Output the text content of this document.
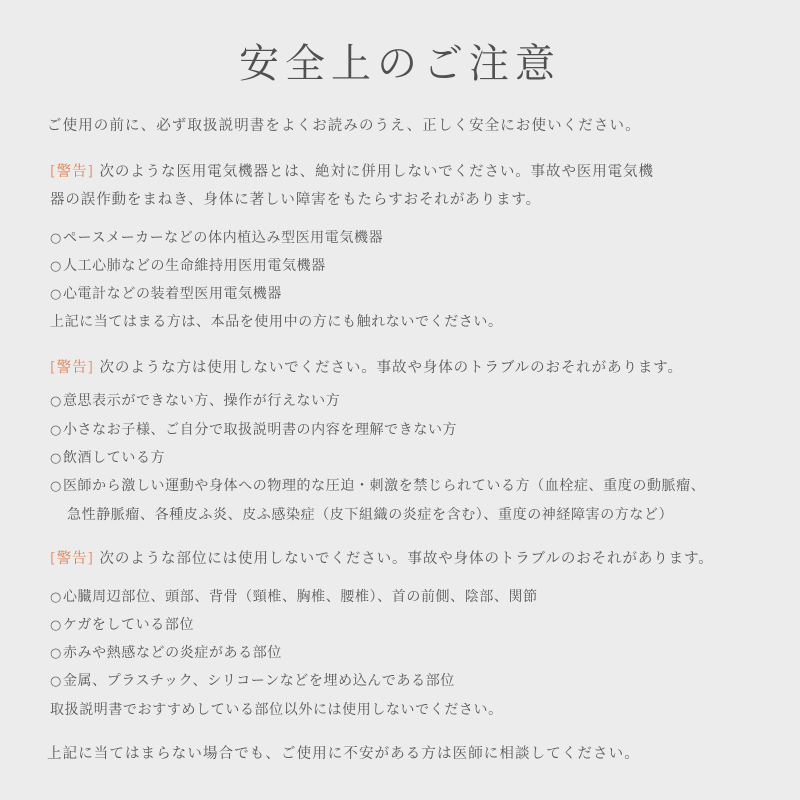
安全上のご注意
ご使用の前に、必ず取扱説明書をよくお読みのうえ、正しく安全にお使いください。
[警告] 次のような医用電気機器とは、絶対に併用しないでください。事故や医用電気機
器の誤作動をまねき、身体に著しい障害をもたらすおそれがあります。
○ペースメーカーなどの体内植込み型医用電気機器
○人工心肺などの生命維持用医用電気機器
○心電計などの装着型医用電気機器
上記に当てはまる方は、本品を使用中の方にも触れないでください。
[警告] 次のような方は使用しないでください。事故や身体のトラブルのおそれがあります。
○意思表示ができない方、操作が行えない方
○小さなお子様、ご自分で取扱説明書の内容を理解できない方
○飲酒している方
○医師から激しい運動や身体への物理的な圧迫・刺激を禁じられている方（血栓症、重度の動脈瘤、
急性静脈瘤、各種皮ふ炎、皮ふ感染症（皮下組織の炎症を含む）、重度の神経障害の方など）
[警告] 次のような部位には使用しないでください。事故や身体のトラブルのおそれがあります。
○心臓周辺部位、頭部、背骨（頸椎、胸椎、腰椎）、首の前側、陰部、関節
○ケガをしている部位
○赤みや熱感などの炎症がある部位
○金属、プラスチック、シリコーンなどを埋め込んである部位
取扱説明書でおすすめしている部位以外には使用しないでください。
上記に当てはまらない場合でも、ご使用に不安がある方は医師に相談してください。
